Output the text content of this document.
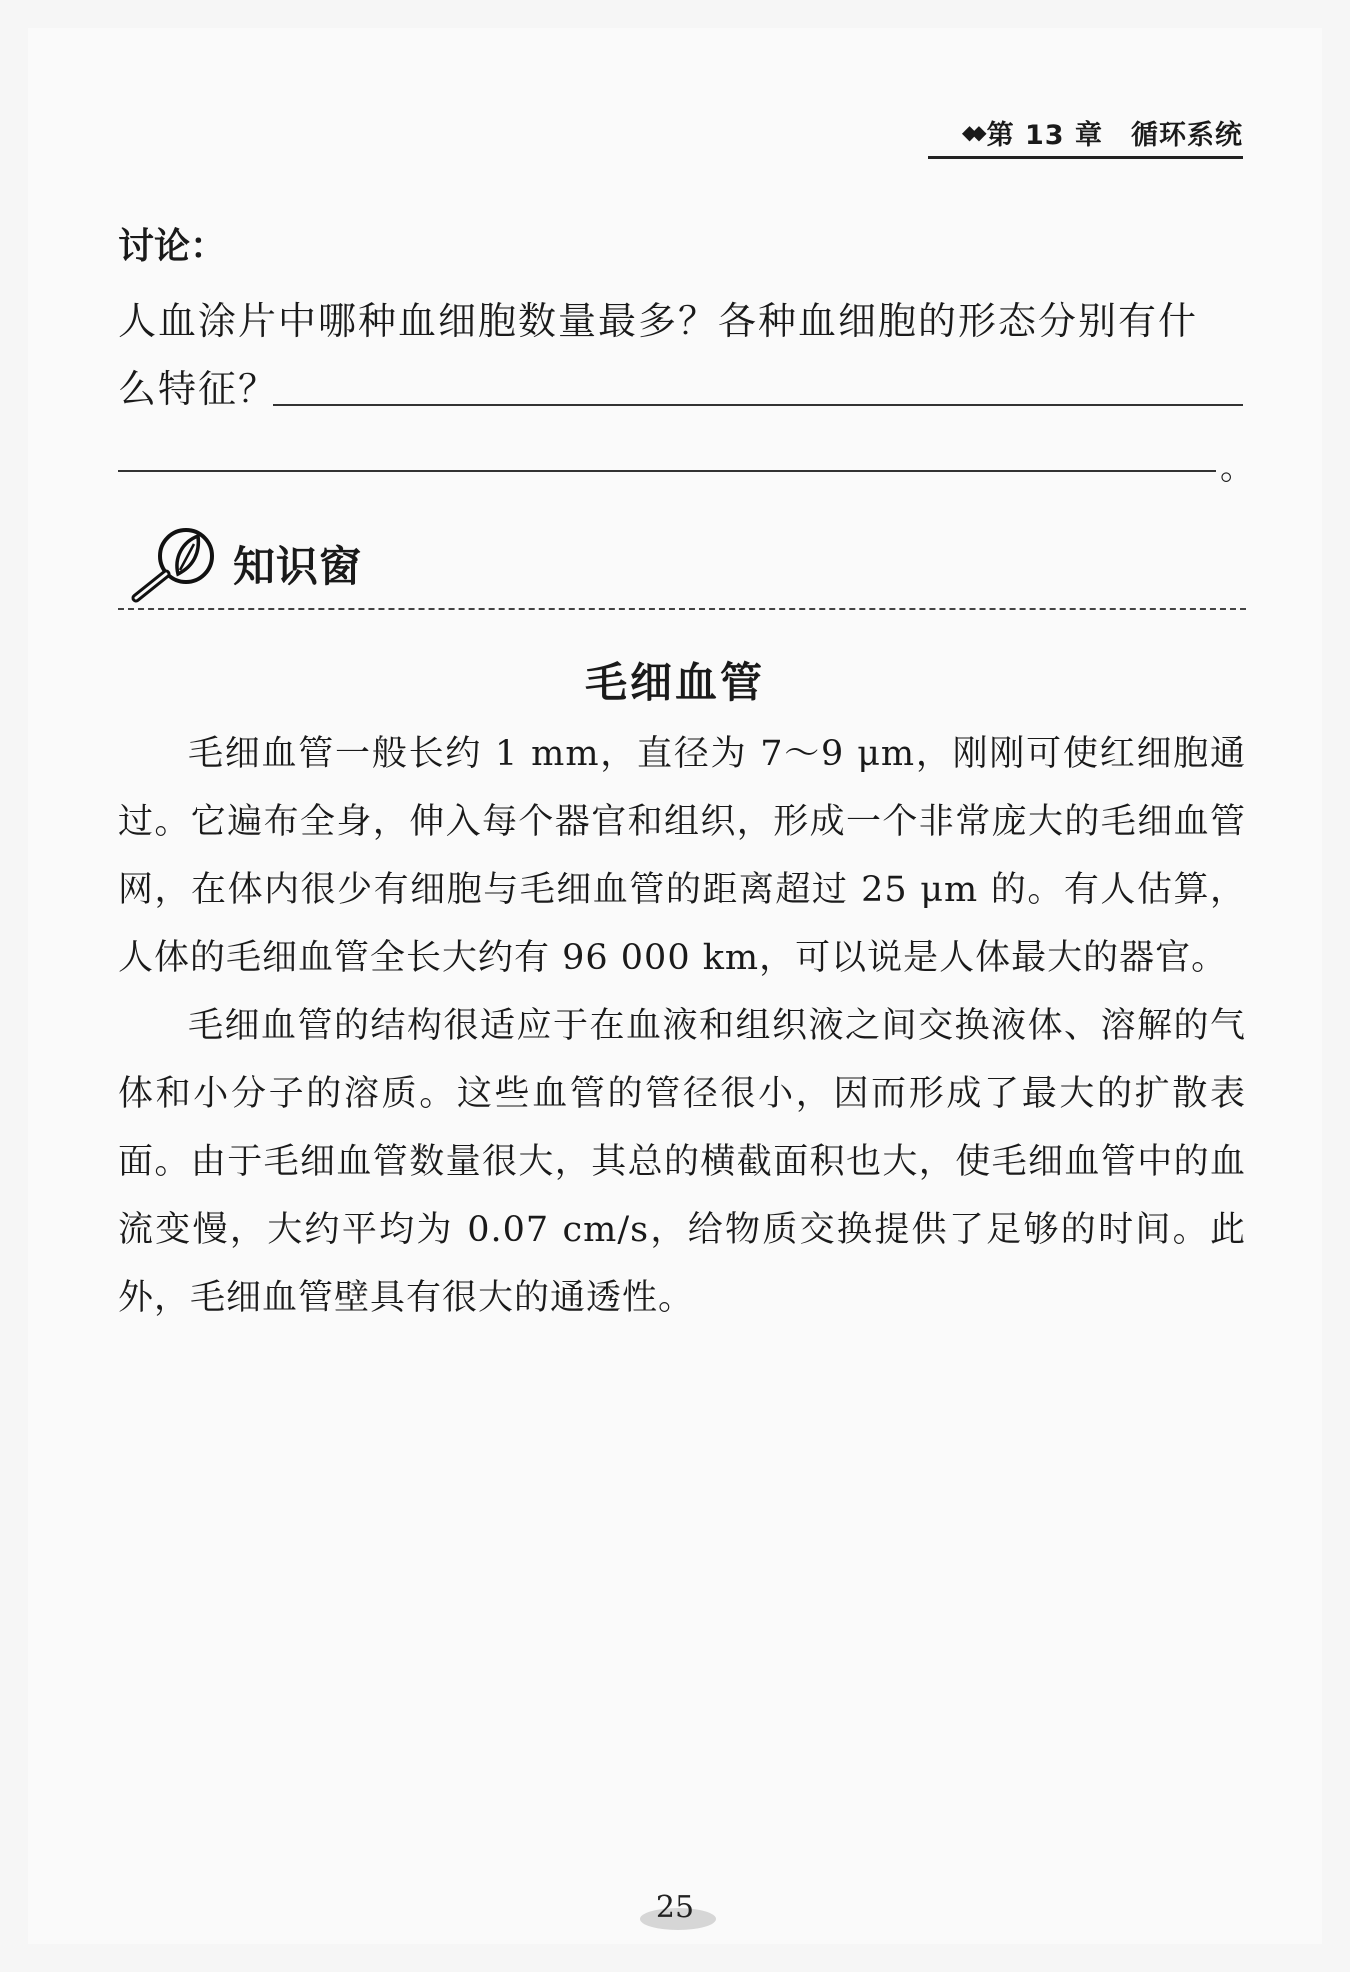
◆◆ 第 13 章 循环系统
讨论：
人血涂片中哪种血细胞数量最多？各种血细胞的形态分别有什
么特征？
。
知识窗
毛细血管

毛细血管一般长约 1 mm，直径为 7～9 μm，刚刚可使红细胞通过。它遍布全身，伸入每个器官和组织，形成一个非常庞大的毛细血管网，在体内很少有细胞与毛细血管的距离超过 25 μm 的。有人估算，人体的毛细血管全长大约有 96 000 km，可以说是人体最大的器官。

毛细血管的结构很适应于在血液和组织液之间交换液体、溶解的气体和小分子的溶质。这些血管的管径很小，因而形成了最大的扩散表面。由于毛细血管数量很大，其总的横截面积也大，使毛细血管中的血流变慢，大约平均为 0.07 cm/s，给物质交换提供了足够的时间。此外，毛细血管壁具有很大的通透性。

25
